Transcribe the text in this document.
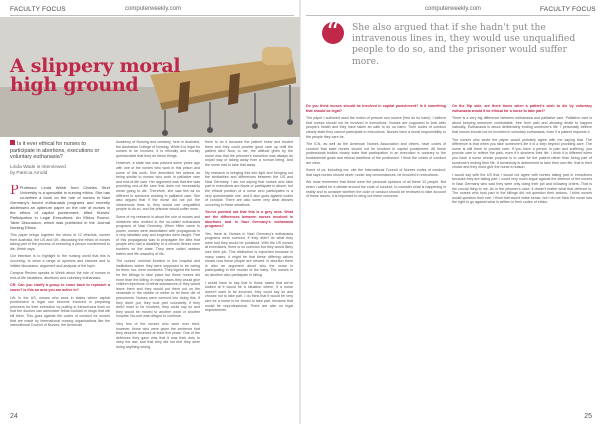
FACULTY FOCUS	computerweekly.com
A slippery moral
high ground
Is it ever ethical for nurses to participate in abortions, executions or voluntary euthanasia?
Linda Wade is interviewed
by Patricia Arnold

P Professor Linda Webb from Charles Sturt University is a specialist in nursing ethics. She has co-written a book on the role of nurses in Nazi Germany's forced euthanasia programs and recently addressed an optimum paper on the role of nurses in the ethics of capital punishment, titled Nurses' Participation in Legal Executions: An Ethics Round-Table Discussion, which was published in the Journal Nursing Ethics.

This paper brings together the views of 12 ethicists, nurses from Australia, the US and UK, discussing the ethics of nurses taking part of the process of executing a person condemned to die, Webb says.

Our intention is to highlight to the nursing world that this is occurring, to show a range of opinions and stances and to initiate discussion, argument and analysis of the topic.

Campus Review speaks to Webb about the role of nurses in end-of-life situations, abortions and voluntary euthanasia.

CR: Can you clarify a group to come back to reproach a cause? Is this an area you are active in?

LW: In the US, nurses who work in states where capital punishment is legal can become involved in preparing prisoners for their execution by putting in intravenous lines so that the doctors can administer lethal cocktail of drugs that will kill them. This goes against the codes of conduct for nurses that are made by international nursing organisations like the International Council of Nurses, the American

Academy of Nursing and certainly, here in Australia, the Australian College of Nursing. While it is legal for nurses to be involved, it is ethically and morally questionable that they do these things.

However, a state law was passed some years ago with one of the nurses who work in this prison and some of this work. She described her actions as being similar to nurses who work in palliative care and end-of-life care. Her argument was that she was providing end-of-life care that does not necessarily mean going to die. Therefore, she saw this as no different to someone working in palliative care. She also argued that if the nurse did not put the intravenous lines in, they would use unqualified people to do so, and the prisoner would suffer more.

Some of my research is about the role of nurses and midwives who worked in the so-called euthanasia programs of Nazi Germany. When Hitler came to power, nurses were assimilated with propaganda in a very idealistic way and eugenics were taught. Part of this propaganda was to propagate the idea that people who had a disability or a chronic illness were burdens on the state. They were called useless eaters and life unworthy of life.

The nurses' nominal function in the hospital and institutions where they were supposed to be caring for them, too, were murdered. They signed the forms for the killings to take place but these nurses did more than the killing. In many cases they would give children injections of lethal substances or they would leave them and they would put them out on the verandah in the middle of winter to let them die of pneumonia. Nurses were coerced into doing this. If they didn't put, they took part voluntarily. If they didn't want to be involved, they could say so and they would be moved to another ward or another hospital. No-one was obliged to continue.

Very few of the nurses who were ever tried, however, those who were given the sentence that they deserve received at least five years. One of the defences they gave was that it was their duty to obey the law, and that they did not feel they were doing anything wrong.

them to do it because the patient knew and trusted them and they could provide good care up until the patient died. Now, to me, the attitude given by the nurse was that the prisoner's execution was always an unjust way of taking away from a human being. And the nurse had to take that away.

My research is bringing this into light and bringing out the similarities and differences between the US and Nazi Germany. I am not saying that nurses who take part in executions are Nazis or participate in abuse, but the ethical position of a nurse who participates is a very questionable one, and it also goes against codes of conduct. There are also some very clear abuses occurring in these situations.

You've pointed out that this is a grey area. What are the differences between nurses involved in abortions and in Nazi Germany's euthanasia programs?

Yes, there is. Nurses in Nazi Germany's euthanasia programs were coerced, if they didn't do what they were told they would be punished. With the US nurses at executions, there is no coercion but they would likely lose their job. This distinction is important because in many cases, it might be that these differing values shows how these people are viewed. In abortion there is also an argument about who the nurse is participating in the murder of the baby. The nurses in an abortion also participate in killing.

I would have to say that in those cases that we've looked at it would be a situation where, if a nurse doesn't want to be involved, they could say so and choose not to take part. I do think that it would be very rare for a nurse to be forced to take part, because that would be unprofessional. There are also no legal requirements.

24
computerweekly.com	FACULTY FOCUS

Do you think nurses should be involved in capital punishment? Is it something that should be legal?

The paper I authored used the notion of primum non nocere (first do no harm). I believe that nurses should not be involved in executions. Nurses are supposed to look after people's health and they have taken an oath to do no harm. Their codes of conduct clearly state they cannot participate in executions. Nurses have a moral responsibility to the people they care for.

The ICN, as well as the American Nurses Association and others, have codes of conduct that state nurses should not be involved in capital punishment. All these professional bodies clearly state that participation in an execution is contrary to the fundamental goals and ethical traditions of the profession. I think the codes of conduct are clear.

Some of us, including me, cite the International Council of Nurses codes of conduct; that says nurses should never, under any circumstances, be involved in executions.

We must remember that these were the personal opinions of all these 12 people. But when I called for a debate around the code of conduct, to consider what is happening in reality and to consider whether the code of conduct should be reviewed to take account of these issues, it is important to bring out these concerns.

On the flip side, are there times when a patient's wish to die by voluntary euthanasia would it be ethical for a nurse to take part?

There is a very big difference between euthanasia and palliative care. Palliative care is about keeping someone comfortable, free from pain and allowing death to happen naturally. Euthanasia is about deliberately ending someone's life. I personally believe that nurses should not be involved in voluntary euthanasia, even if a patient requests it.

The nurses who wrote the paper would probably agree with me saying that. The difference is that when you take someone's life it is a step beyond providing care. The nurse is still there to provide care. If you have a person in pain and suffering, you provide care to relieve the pain, even if it shortens their life. I think it is different when you have a nurse whose purpose is to care for the patient rather than being part of someone's ending their life. If somebody is determined to take their own life, that is their choice and they must give the nurse a reason.

I would say with the US that I would not agree with nurses taking part in executions because they are taking part. I could very much argue against the defence of the nurses in Nazi Germany who said they were only doing their job and following orders. That is the crucial thing to me. As in the prisoner's case, it doesn't matter what that defence is. The nurses who took part in the killings did not question their actions. I think nurses would question their role. I think that would make sense, but I do not think the nurse has the right to go against what is written in their codes of ethics.

25
“
She also argued that if she hadn't put the intravenous lines in, they would use unqualified people to do so, and the prisoner would suffer more.
